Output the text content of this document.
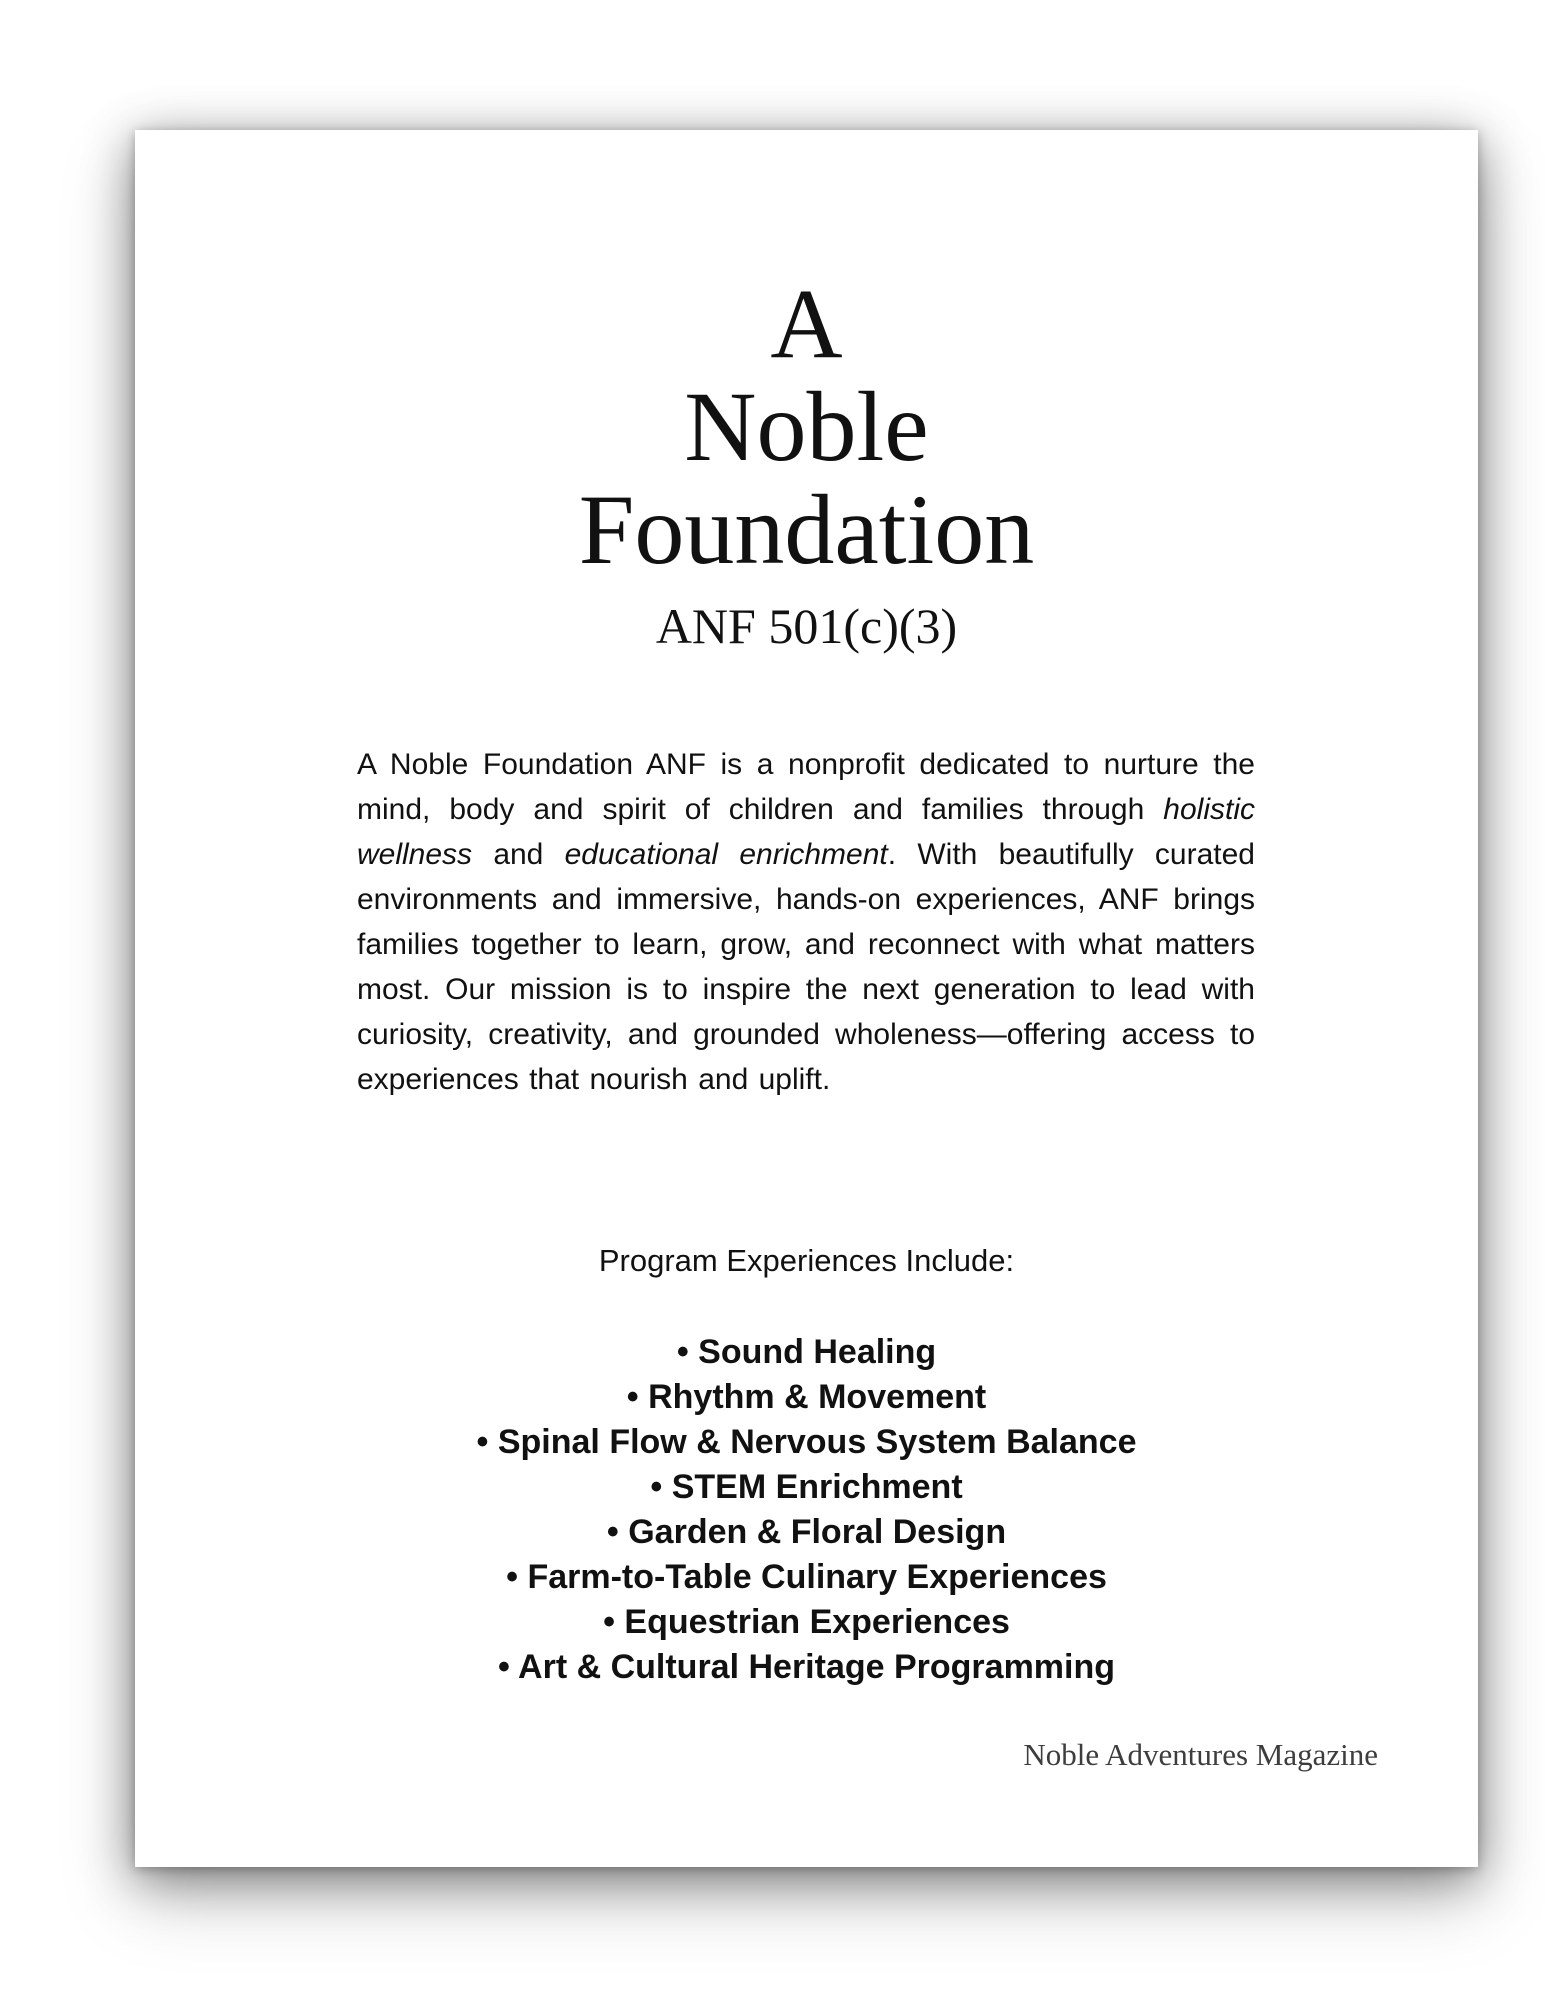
A
Noble
Foundation
ANF 501(c)(3)

A Noble Foundation ANF is a nonprofit dedicated to nurture the mind, body and spirit of children and families through holistic wellness and educational enrichment. With beautifully curated environments and immersive, hands-on experiences, ANF brings families together to learn, grow, and reconnect with what matters most. Our mission is to inspire the next generation to lead with curiosity, creativity, and grounded wholeness—offering access to experiences that nourish and uplift.

Program Experiences Include:

• Sound Healing
• Rhythm & Movement
• Spinal Flow & Nervous System Balance
• STEM Enrichment
• Garden & Floral Design
• Farm-to-Table Culinary Experiences
• Equestrian Experiences
• Art & Cultural Heritage Programming

Noble Adventures Magazine
